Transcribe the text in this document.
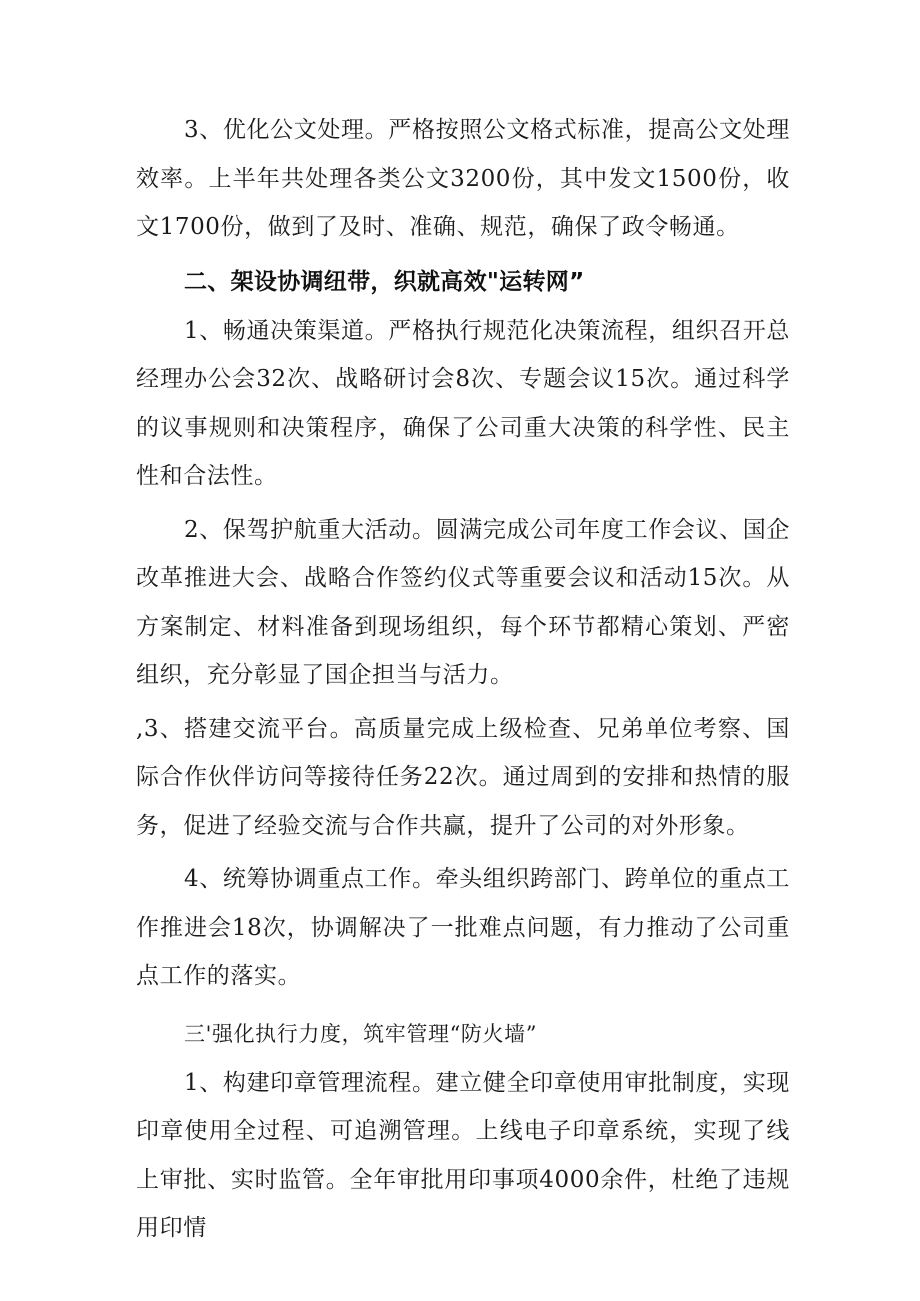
3、优化公文处理。严格按照公文格式标准，提高公文处理效率。上半年共处理各类公文3200份，其中发文1500份，收文1700份，做到了及时、准确、规范，确保了政令畅通。

二、架设协调纽带，织就高效"运转网”

1、畅通决策渠道。严格执行规范化决策流程，组织召开总经理办公会32次、战略研讨会8次、专题会议15次。通过科学的议事规则和决策程序，确保了公司重大决策的科学性、民主性和合法性。

2、保驾护航重大活动。圆满完成公司年度工作会议、国企改革推进大会、战略合作签约仪式等重要会议和活动15次。从方案制定、材料准备到现场组织，每个环节都精心策划、严密组织，充分彰显了国企担当与活力。

,3、搭建交流平台。高质量完成上级检查、兄弟单位考察、国际合作伙伴访问等接待任务22次。通过周到的安排和热情的服务，促进了经验交流与合作共赢，提升了公司的对外形象。

4、统筹协调重点工作。牵头组织跨部门、跨单位的重点工作推进会18次，协调解决了一批难点问题，有力推动了公司重点工作的落实。

三'强化执行力度，筑牢管理“防火墙”

1、构建印章管理流程。建立健全印章使用审批制度，实现印章使用全过程、可追溯管理。上线电子印章系统，实现了线上审批、实时监管。全年审批用印事项4000余件，杜绝了违规用印情
